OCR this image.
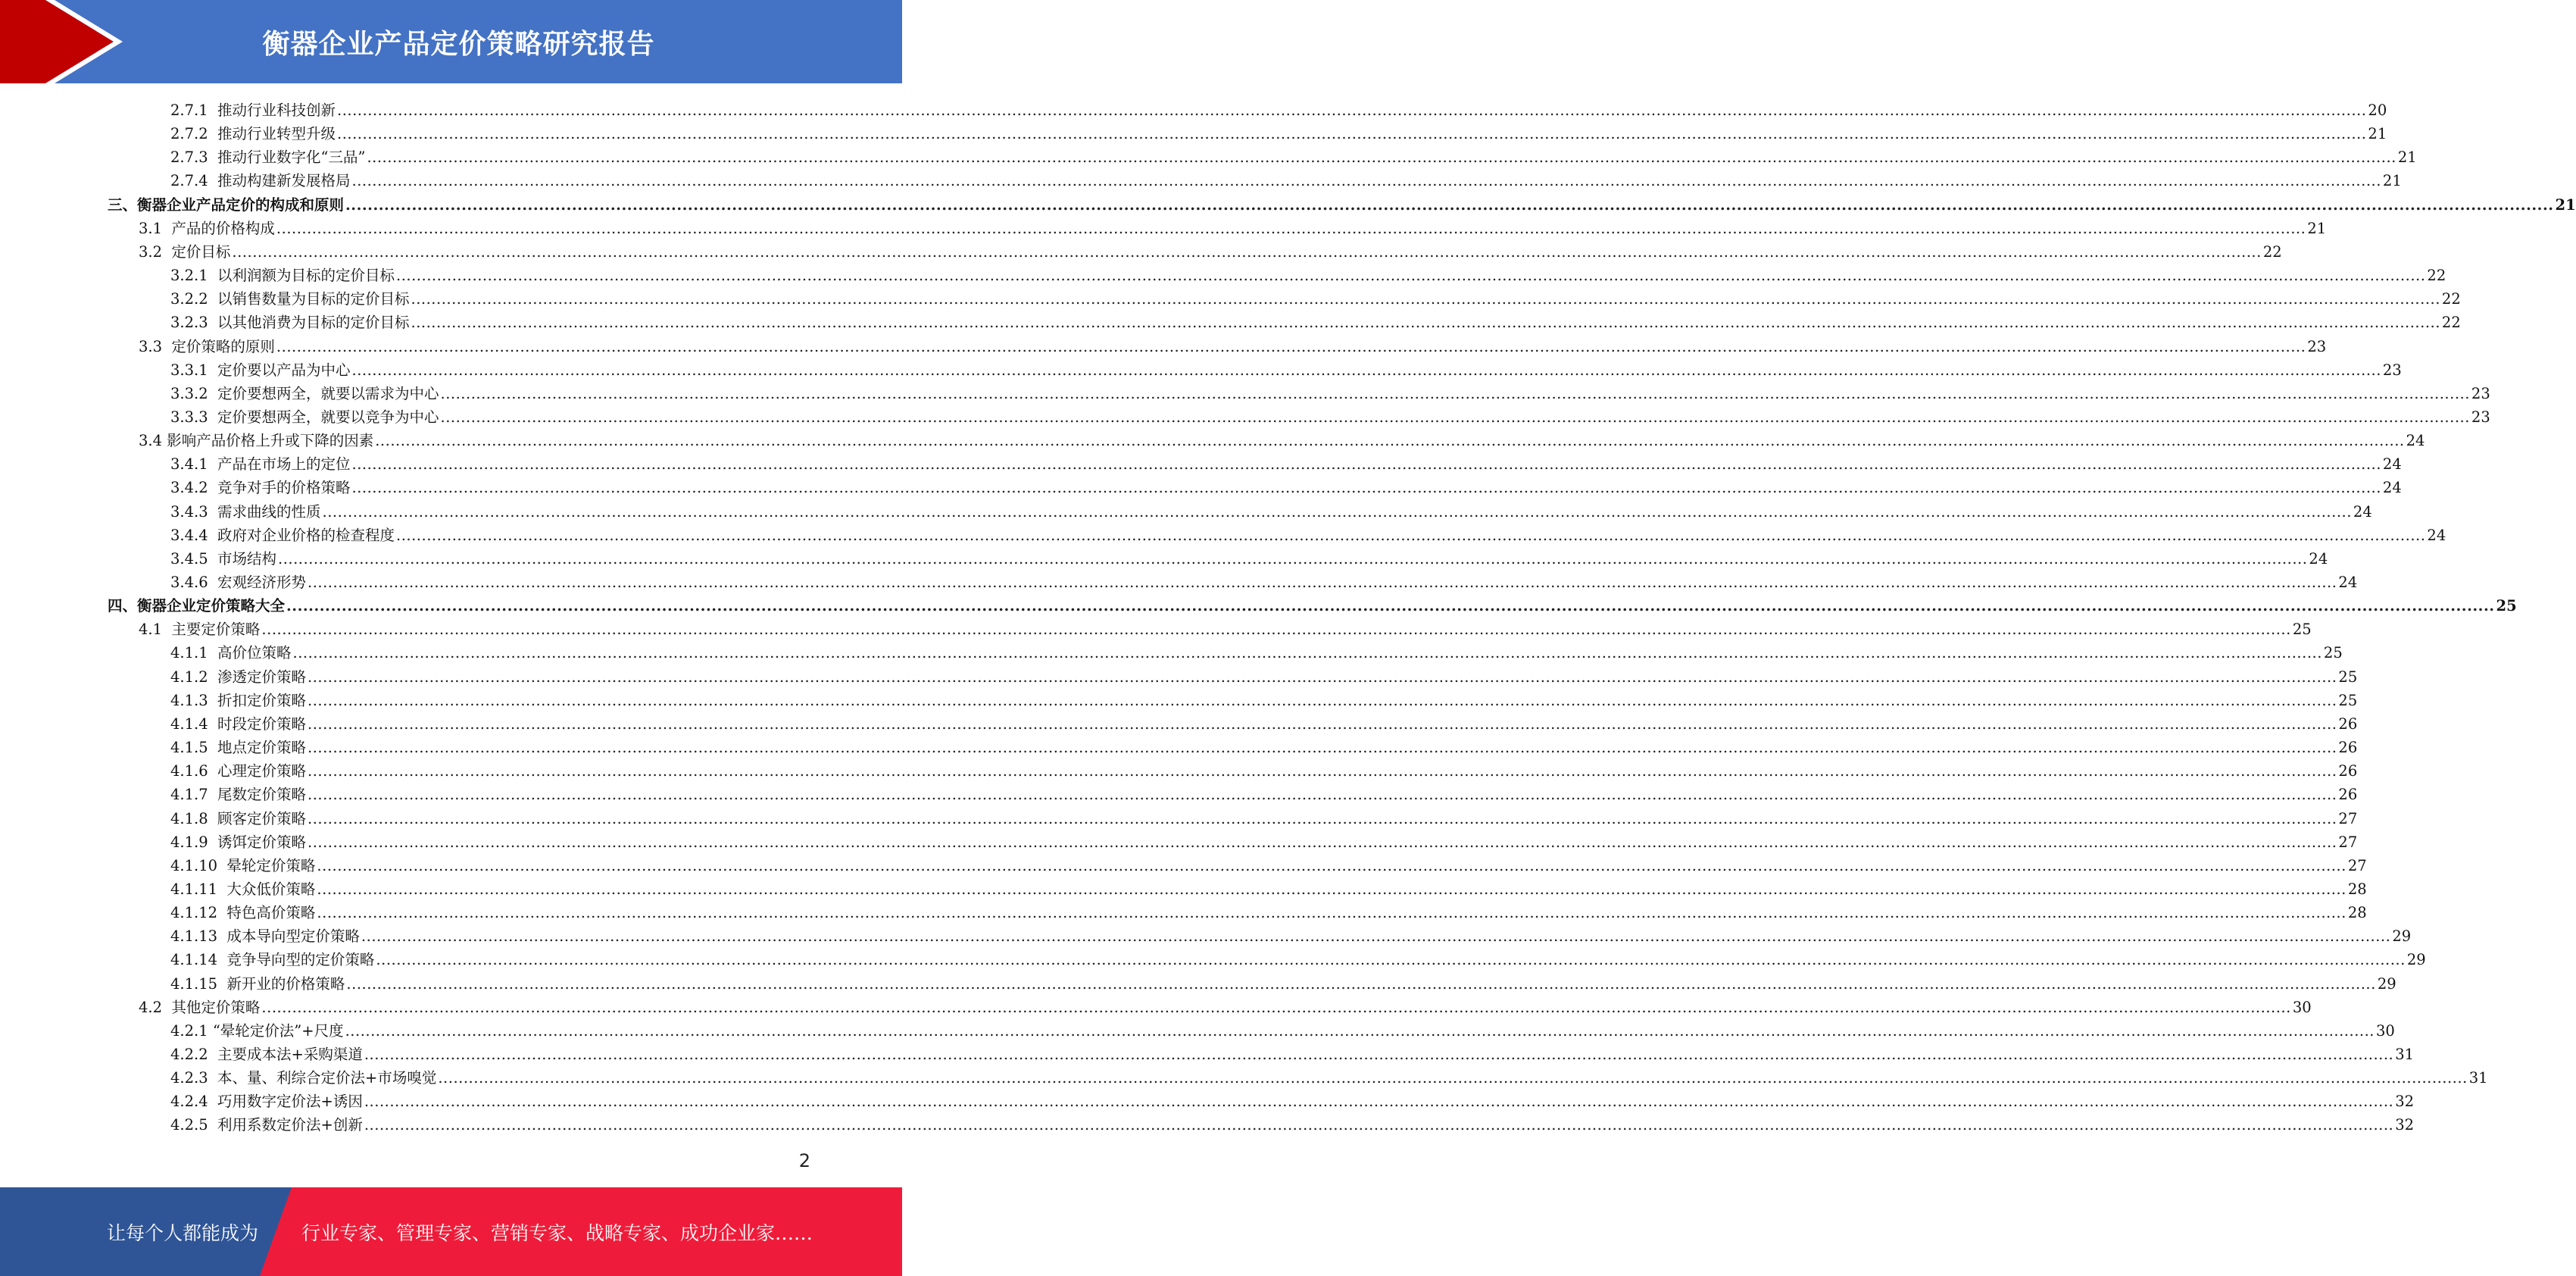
衡器企业产品定价策略研究报告
2.7.1  推动行业科技创新 ................................................................................................................................................................................................................................................................................................................................................................................................................ 20
2.7.2  推动行业转型升级 ................................................................................................................................................................................................................................................................................................................................................................................................................ 21
2.7.3  推动行业数字化“三品” ................................................................................................................................................................................................................................................................................................................................................................................................................ 21
2.7.4  推动构建新发展格局 ................................................................................................................................................................................................................................................................................................................................................................................................................ 21
三、衡器企业产品定价的构成和原则 ................................................................................................................................................................................................................................................................................................................................................................................................................ 21
3.1  产品的价格构成 ................................................................................................................................................................................................................................................................................................................................................................................................................ 21
3.2  定价目标 ................................................................................................................................................................................................................................................................................................................................................................................................................ 22
3.2.1  以利润额为目标的定价目标 ................................................................................................................................................................................................................................................................................................................................................................................................................ 22
3.2.2  以销售数量为目标的定价目标 ................................................................................................................................................................................................................................................................................................................................................................................................................ 22
3.2.3  以其他消费为目标的定价目标 ................................................................................................................................................................................................................................................................................................................................................................................................................ 22
3.3  定价策略的原则 ................................................................................................................................................................................................................................................................................................................................................................................................................ 23
3.3.1  定价要以产品为中心 ................................................................................................................................................................................................................................................................................................................................................................................................................ 23
3.3.2  定价要想两全，就要以需求为中心 ................................................................................................................................................................................................................................................................................................................................................................................................................ 23
3.3.3  定价要想两全，就要以竞争为中心 ................................................................................................................................................................................................................................................................................................................................................................................................................ 23
3.4 影响产品价格上升或下降的因素 ................................................................................................................................................................................................................................................................................................................................................................................................................ 24
3.4.1  产品在市场上的定位 ................................................................................................................................................................................................................................................................................................................................................................................................................ 24
3.4.2  竞争对手的价格策略 ................................................................................................................................................................................................................................................................................................................................................................................................................ 24
3.4.3  需求曲线的性质 ................................................................................................................................................................................................................................................................................................................................................................................................................ 24
3.4.4  政府对企业价格的检查程度 ................................................................................................................................................................................................................................................................................................................................................................................................................ 24
3.4.5  市场结构 ................................................................................................................................................................................................................................................................................................................................................................................................................ 24
3.4.6  宏观经济形势 ................................................................................................................................................................................................................................................................................................................................................................................................................ 24
四、衡器企业定价策略大全 ................................................................................................................................................................................................................................................................................................................................................................................................................ 25
4.1  主要定价策略 ................................................................................................................................................................................................................................................................................................................................................................................................................ 25
4.1.1  高价位策略 ................................................................................................................................................................................................................................................................................................................................................................................................................ 25
4.1.2  渗透定价策略 ................................................................................................................................................................................................................................................................................................................................................................................................................ 25
4.1.3  折扣定价策略 ................................................................................................................................................................................................................................................................................................................................................................................................................ 25
4.1.4  时段定价策略 ................................................................................................................................................................................................................................................................................................................................................................................................................ 26
4.1.5  地点定价策略 ................................................................................................................................................................................................................................................................................................................................................................................................................ 26
4.1.6  心理定价策略 ................................................................................................................................................................................................................................................................................................................................................................................................................ 26
4.1.7  尾数定价策略 ................................................................................................................................................................................................................................................................................................................................................................................................................ 26
4.1.8  顾客定价策略 ................................................................................................................................................................................................................................................................................................................................................................................................................ 27
4.1.9  诱饵定价策略 ................................................................................................................................................................................................................................................................................................................................................................................................................ 27
4.1.10  晕轮定价策略 ................................................................................................................................................................................................................................................................................................................................................................................................................ 27
4.1.11  大众低价策略 ................................................................................................................................................................................................................................................................................................................................................................................................................ 28
4.1.12  特色高价策略 ................................................................................................................................................................................................................................................................................................................................................................................................................ 28
4.1.13  成本导向型定价策略 ................................................................................................................................................................................................................................................................................................................................................................................................................ 29
4.1.14  竞争导向型的定价策略 ................................................................................................................................................................................................................................................................................................................................................................................................................ 29
4.1.15  新开业的价格策略 ................................................................................................................................................................................................................................................................................................................................................................................................................ 29
4.2  其他定价策略 ................................................................................................................................................................................................................................................................................................................................................................................................................ 30
4.2.1 “晕轮定价法”+尺度 ................................................................................................................................................................................................................................................................................................................................................................................................................ 30
4.2.2  主要成本法+采购渠道 ................................................................................................................................................................................................................................................................................................................................................................................................................ 31
4.2.3  本、量、利综合定价法+市场嗅觉 ................................................................................................................................................................................................................................................................................................................................................................................................................ 31
4.2.4  巧用数字定价法+诱因 ................................................................................................................................................................................................................................................................................................................................................................................................................ 32
4.2.5  利用系数定价法+创新 ................................................................................................................................................................................................................................................................................................................................................................................................................ 32
2
让每个人都能成为 行业专家、管理专家、营销专家、战略专家、成功企业家……
